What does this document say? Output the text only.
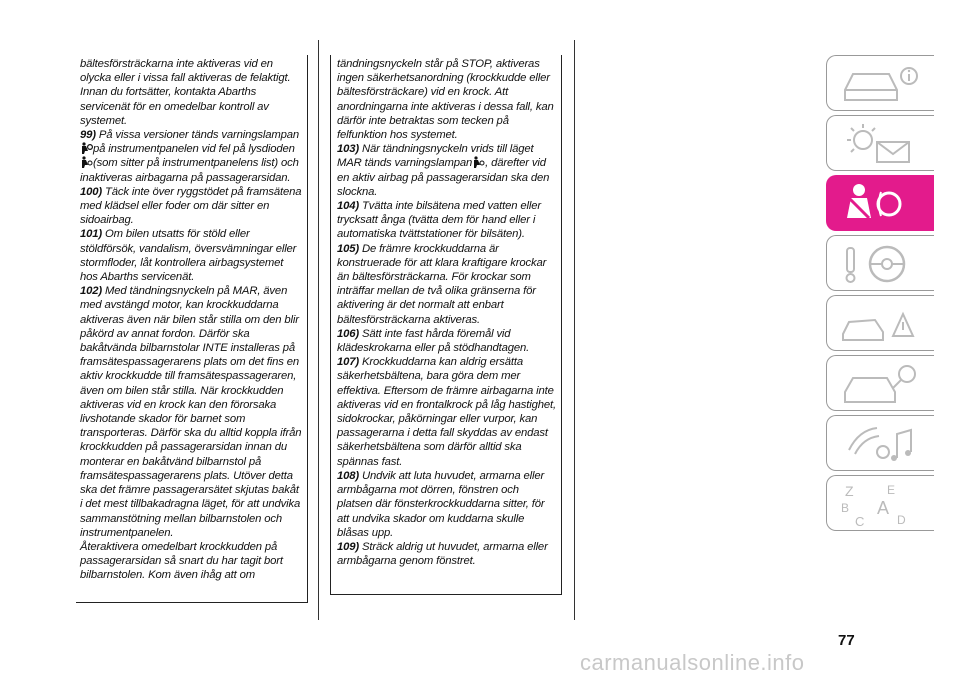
bältesförsträckarna inte aktiveras vid en olycka eller i vissa fall aktiveras de felaktigt. Innan du fortsätter, kontakta Abarths servicenät för en omedelbar kontroll av systemet.

99) På vissa versioner tänds varningslampanpå instrumentpanelen vid fel på lysdioden(som sitter på instrumentpanelens list) och inaktiveras airbagarna på passagerarsidan.

100) Täck inte över ryggstödet på framsätena med klädsel eller foder om där sitter en sidoairbag.

101) Om bilen utsatts för stöld eller stöldförsök, vandalism, översvämningar eller stormfloder, låt kontrollera airbagsystemet hos Abarths servicenät.

102) Med tändningsnyckeln på MAR, även med avstängd motor, kan krockkuddarna aktiveras även när bilen står stilla om den blir påkörd av annat fordon. Därför ska bakåtvända bilbarnstolar INTE installeras på framsätespassagerarens plats om det fins en aktiv krockkudde till framsätespassageraren, även om bilen står stilla. När krockkudden aktiveras vid en krock kan den förorsaka livshotande skador för barnet som transporteras. Därför ska du alltid koppla ifrån krockkudden på passagerarsidan innan du monterar en bakåtvänd bilbarnstol på framsätespassagerarens plats. Utöver detta ska det främre passagerarsätet skjutas bakåt i det mest tillbakadragna läget, för att undvika sammanstötning mellan bilbarnstolen och instrumentpanelen.

Återaktivera omedelbart krockkudden på passagerarsidan så snart du har tagit bort bilbarnstolen. Kom även ihåg att om

tändningsnyckeln står på STOP, aktiveras ingen säkerhetsanordning (krockkudde eller bältesförsträckare) vid en krock. Att anordningarna inte aktiveras i dessa fall, kan därför inte betraktas som tecken på felfunktion hos systemet.

103) När tändningsnyckeln vrids till läget MAR tänds varningslampan , därefter vid en aktiv airbag på passagerarsidan ska den slockna.

104) Tvätta inte bilsätena med vatten eller trycksatt ånga (tvätta dem för hand eller i automatiska tvättstationer för bilsäten).

105) De främre krockkuddarna är konstruerade för att klara kraftigare krockar än bältesförsträckarna. För krockar som inträffar mellan de två olika gränserna för aktivering är det normalt att enbart bältesförsträckarna aktiveras.

106) Sätt inte fast hårda föremål vid klädeskrokarna eller på stödhandtagen.

107) Krockkuddarna kan aldrig ersätta säkerhetsbältena, bara göra dem mer effektiva. Eftersom de främre airbagarna inte aktiveras vid en frontalkrock på låg hastighet, sidokrockar, påkörningar eller vurpor, kan passagerarna i detta fall skyddas av endast säkerhetsbältena som därför alltid ska spännas fast.

108) Undvik att luta huvudet, armarna eller armbågarna mot dörren, fönstren och platsen där fönsterkrockkuddarna sitter, för att undvika skador om kuddarna skulle blåsas upp.

109) Sträck aldrig ut huvudet, armarna eller armbågarna genom fönstret.

Z	E
B A
C	D
77
carmanualsonline.info
